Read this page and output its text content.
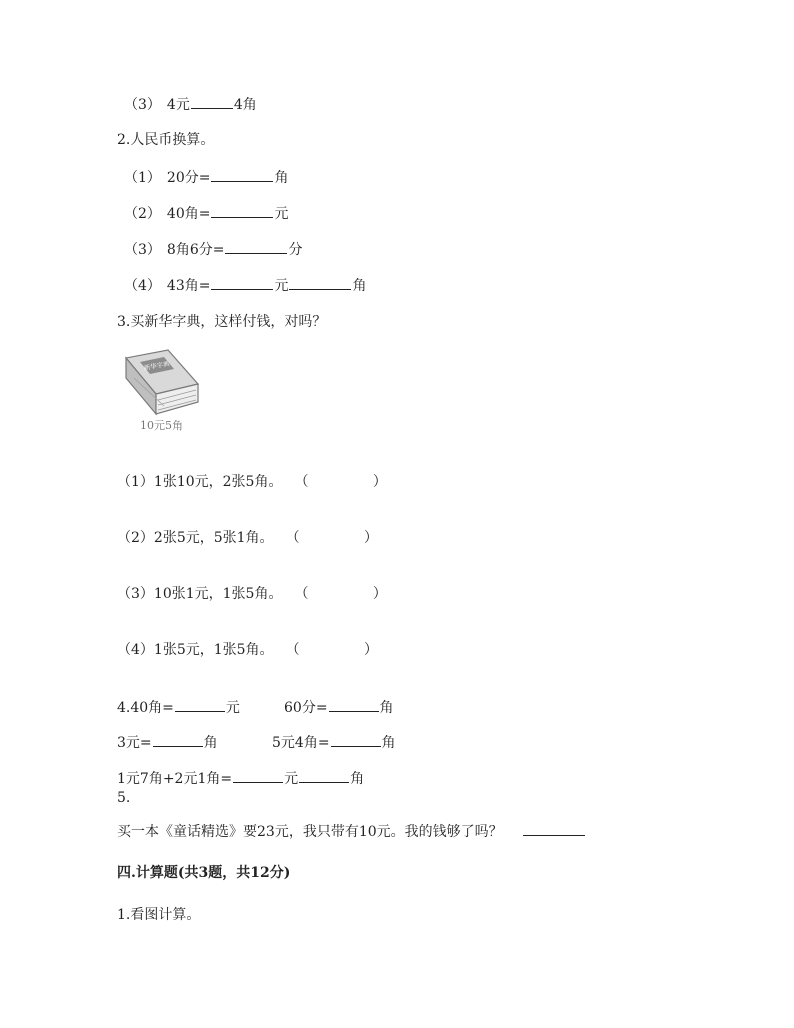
（3） 4元	4角
2.人民币换算。
（1） 20分=	角
（2） 40角=	元
（3） 8角6分=	分
（4） 43角=	元	角
3.买新华字典，这样付钱，对吗？
新华字典
10元5角
（1）1张10元，2张5角。 （ ）
（2）2张5元，5张1角。 （ ）
（3）10张1元，1张5角。 （ ）
（4）1张5元，1张5角。 （ ）
4.40角=	元	60分=	角
3元=	角	5元4角=	角
1元7角+2元1角=	元	角
5.
买一本《童话精选》要23元，我只带有10元。我的钱够了吗？
四.计算题(共3题，共12分)
1.看图计算。
